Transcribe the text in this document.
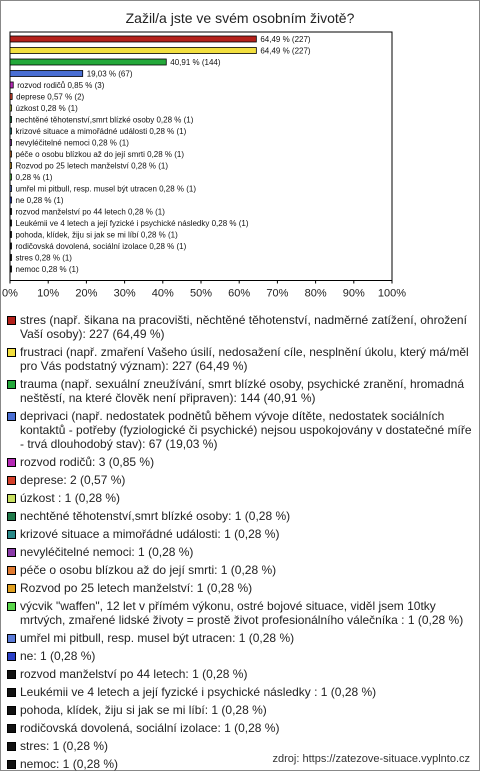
Zažil/a jste ve svém osobním životě?
0% 10% 20% 30% 40% 50% 60% 70% 80% 90% 100%
64,49 % (227)
64,49 % (227)
40,91 % (144)
19,03 % (67)
rozvod rodičů 0,85 % (3)
deprese 0,57 % (2)
úzkost 0,28 % (1)
nechtěné těhotenství,smrt blízké osoby 0,28 % (1)
krizové situace a mimořádné události 0,28 % (1)
nevyléčitelné nemoci 0,28 % (1)
péče o osobu blízkou až do její smrti 0,28 % (1)
Rozvod po 25 letech manželství 0,28 % (1)
0,28 % (1)
umřel mi pitbull, resp. musel být utracen 0,28 % (1)
ne 0,28 % (1)
rozvod manželství po 44 letech 0,28 % (1)
Leukémii ve 4 letech a její fyzické i psychické následky 0,28 % (1)
pohoda, klídek, žiju si jak se mi líbí 0,28 % (1)
rodičovská dovolená, sociální izolace 0,28 % (1)
stres 0,28 % (1)
nemoc 0,28 % (1)
stres (např. šikana na pracovišti, něchtěné těhotenství, nadměrné zatížení, ohrožení Vaší osoby): 227 (64,49 %)
frustraci (např. zmaření Vašeho úsilí, nedosažení cíle, nesplnění úkolu, který má/měl pro Vás podstatný význam): 227 (64,49 %)
trauma (např. sexuální zneužívání, smrt blízké osoby, psychické zranění, hromadná neštěstí, na které člověk není připraven): 144 (40,91 %)
deprivaci (např. nedostatek podnětů během vývoje dítěte, nedostatek sociálních kontaktů - potřeby (fyziologické či psychické) nejsou uspokojovány v dostatečné míře - trvá dlouhodobý stav): 67 (19,03 %)
rozvod rodičů: 3 (0,85 %)
deprese: 2 (0,57 %)
úzkost : 1 (0,28 %)
nechtěné těhotenství,smrt blízké osoby: 1 (0,28 %)
krizové situace a mimořádné události: 1 (0,28 %)
nevyléčitelné nemoci: 1 (0,28 %)
péče o osobu blízkou až do její smrti: 1 (0,28 %)
Rozvod po 25 letech manželství: 1 (0,28 %)
výcvik "waffen", 12 let v přímém výkonu, ostré bojové situace, viděl jsem 10tky mrtvých, zmařené lidské životy = prostě život profesionálního válečníka : 1 (0,28 %)
umřel mi pitbull, resp. musel být utracen: 1 (0,28 %)
ne: 1 (0,28 %)
rozvod manželství po 44 letech: 1 (0,28 %)
Leukémii ve 4 letech a její fyzické i psychické následky : 1 (0,28 %)
pohoda, klídek, žiju si jak se mi líbí: 1 (0,28 %)
rodičovská dovolená, sociální izolace: 1 (0,28 %)
stres: 1 (0,28 %)
nemoc: 1 (0,28 %)	zdroj: https://zatezove-situace.vyplnto.cz
